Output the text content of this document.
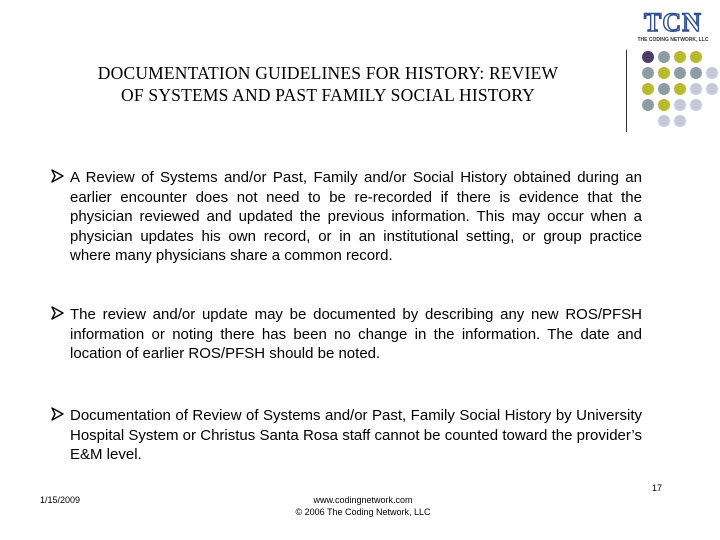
DOCUMENTATION GUIDELINES FOR HISTORY: REVIEW
OF SYSTEMS AND PAST FAMILY SOCIAL HISTORY
TCN
THE CODING NETWORK, LLC
A Review of Systems and/or Past, Family and/or Social History obtained during an earlier encounter does not need to be re-recorded if there is evidence that the physician reviewed and updated the previous information. This may occur when a physician updates his own record, or in an institutional setting, or group practice where many physicians share a common record.
The review and/or update may be documented by describing any new ROS/PFSH information or noting there has been no change in the information. The date and location of earlier ROS/PFSH should be noted.
Documentation of Review of Systems and/or Past, Family Social History by University Hospital System or Christus Santa Rosa staff cannot be counted toward the provider’s E&M level.
17
1/15/2009	www.codingnetwork.com
© 2006 The Coding Network, LLC
